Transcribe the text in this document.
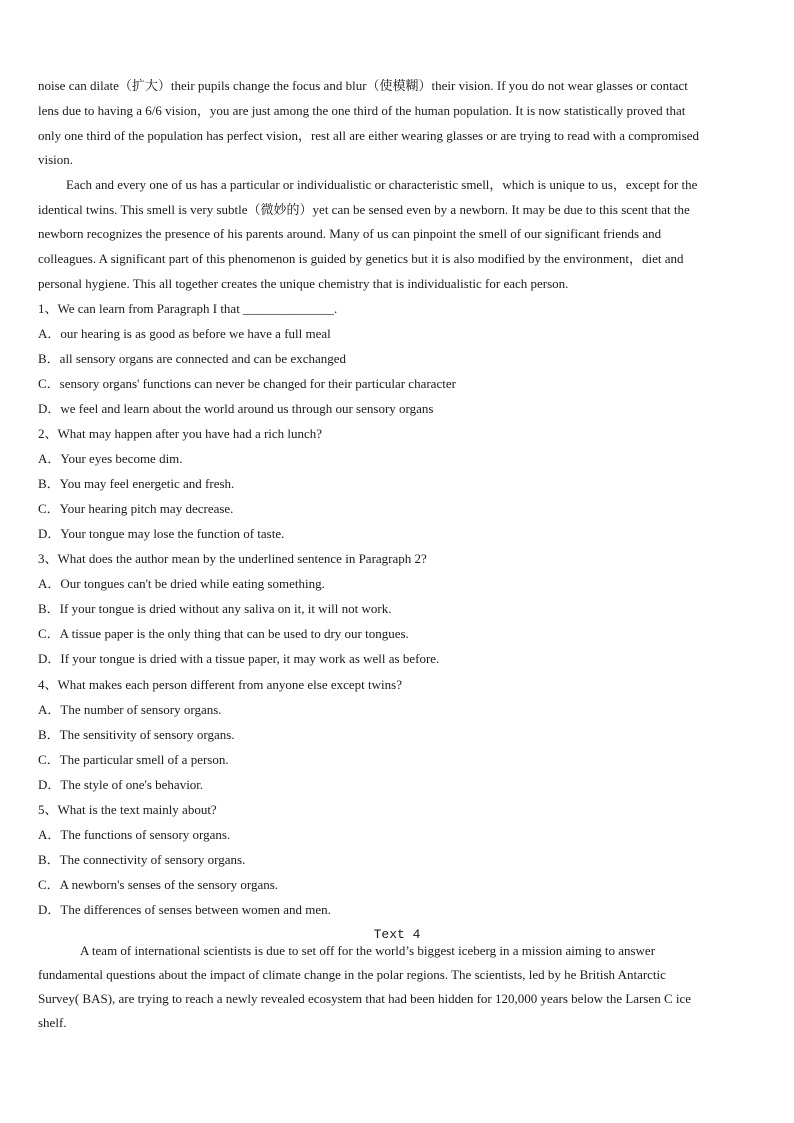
noise can dilate（扩大）their pupils change the focus and blur（使模糊）their vision. If you do not wear glasses or contact
lens due to having a 6/6 vision，you are just among the one third of the human population. It is now statistically proved that
only one third of the population has perfect vision，rest all are either wearing glasses or are trying to read with a compromised
vision.
Each and every one of us has a particular or individualistic or characteristic smell，which is unique to us，except for the
identical twins. This smell is very subtle（微妙的）yet can be sensed even by a newborn. It may be due to this scent that the
newborn recognizes the presence of his parents around. Many of us can pinpoint the smell of our significant friends and
colleagues. A significant part of this phenomenon is guided by genetics but it is also modified by the environment，diet and
personal hygiene. This all together creates the unique chemistry that is individualistic for each person.
1、We can learn from Paragraph I that ______________.
A．our hearing is as good as before we have a full meal
B．all sensory organs are connected and can be exchanged
C．sensory organs' functions can never be changed for their particular character
D．we feel and learn about the world around us through our sensory organs
2、What may happen after you have had a rich lunch?
A．Your eyes become dim.
B．You may feel energetic and fresh.
C．Your hearing pitch may decrease.
D．Your tongue may lose the function of taste.
3、What does the author mean by the underlined sentence in Paragraph 2?
A．Our tongues can't be dried while eating something.
B．If your tongue is dried without any saliva on it, it will not work.
C．A tissue paper is the only thing that can be used to dry our tongues.
D．If your tongue is dried with a tissue paper, it may work as well as before.
4、What makes each person different from anyone else except twins?
A．The number of sensory organs.
B．The sensitivity of sensory organs.
C．The particular smell of a person.
D．The style of one's behavior.
5、What is the text mainly about?
A．The functions of sensory organs.
B．The connectivity of sensory organs.
C．A newborn's senses of the sensory organs.
D．The differences of senses between women and men.
Text 4
A team of international scientists is due to set off for the world’s biggest iceberg in a mission aiming to answer
fundamental questions about the impact of climate change in the polar regions. The scientists, led by he British Antarctic
Survey( BAS), are trying to reach a newly revealed ecosystem that had been hidden for 120,000 years below the Larsen C ice
shelf.
